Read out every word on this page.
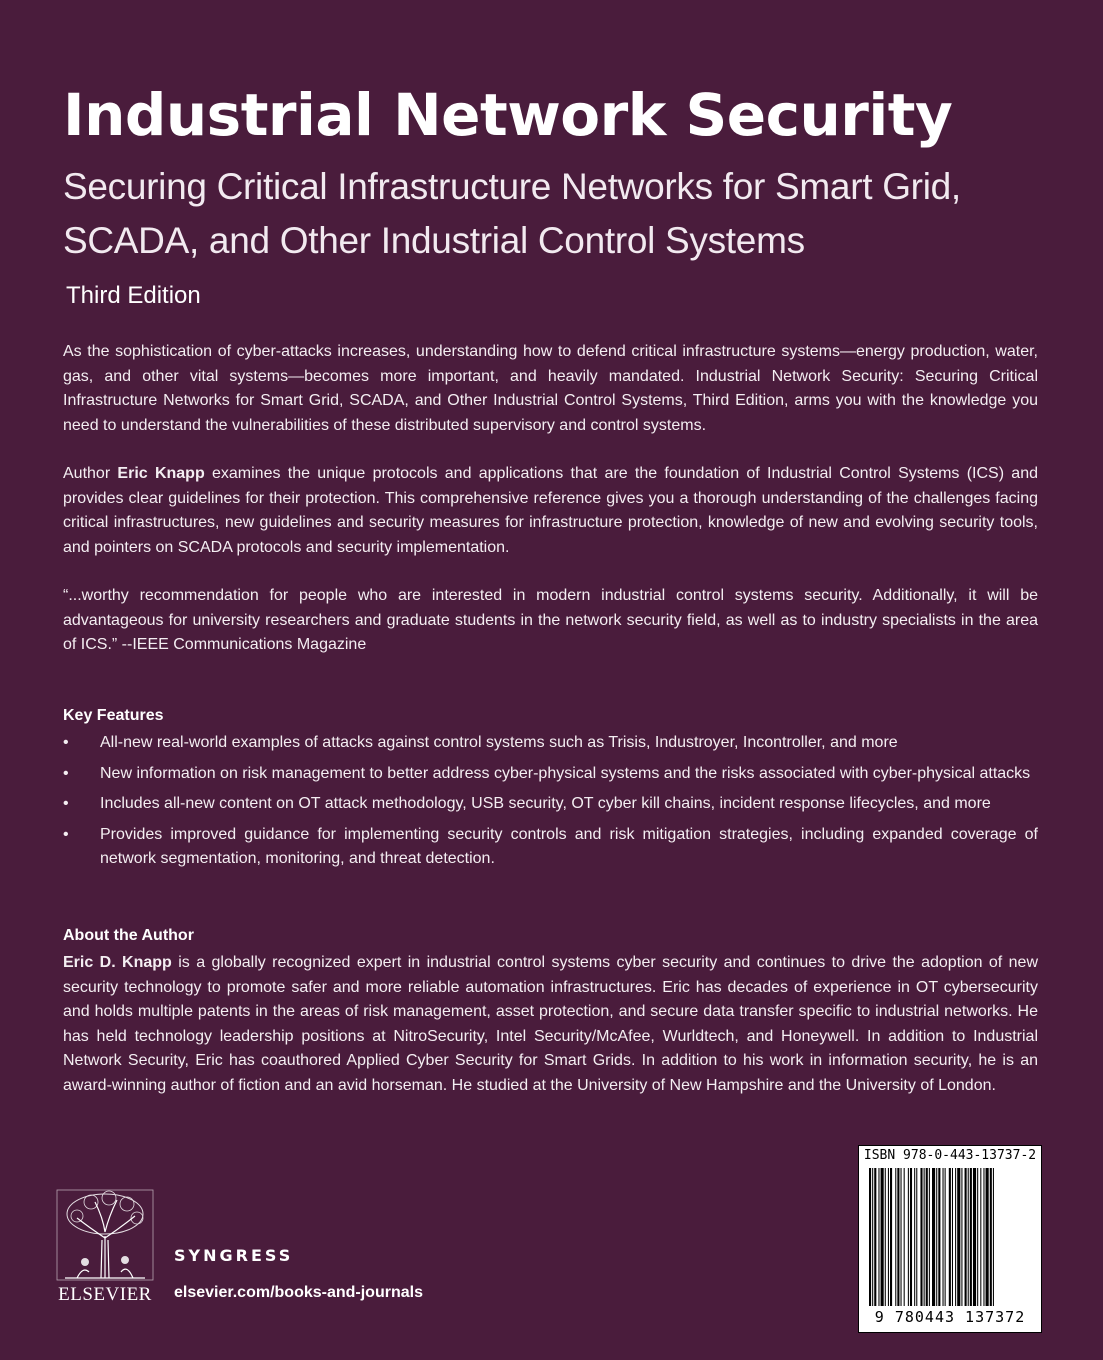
Industrial Network Security
Securing Critical Infrastructure Networks for Smart Grid, SCADA, and Other Industrial Control Systems
Third Edition
As the sophistication of cyber-attacks increases, understanding how to defend critical infrastructure systems—energy production, water, gas, and other vital systems—becomes more important, and heavily mandated. Industrial Network Security: Securing Critical Infrastructure Networks for Smart Grid, SCADA, and Other Industrial Control Systems, Third Edition, arms you with the knowledge you need to understand the vulnerabilities of these distributed supervisory and control systems.
Author Eric Knapp examines the unique protocols and applications that are the foundation of Industrial Control Systems (ICS) and provides clear guidelines for their protection. This comprehensive reference gives you a thorough understanding of the challenges facing critical infrastructures, new guidelines and security measures for infrastructure protection, knowledge of new and evolving security tools, and pointers on SCADA protocols and security implementation.
“...worthy recommendation for people who are interested in modern industrial control systems security. Additionally, it will be advantageous for university researchers and graduate students in the network security field, as well as to industry specialists in the area of ICS.” --IEEE Communications Magazine
Key Features
• All-new real-world examples of attacks against control systems such as Trisis, Industroyer, Incontroller, and more
• New information on risk management to better address cyber-physical systems and the risks associated with cyber-physical attacks
• Includes all-new content on OT attack methodology, USB security, OT cyber kill chains, incident response lifecycles, and more
• Provides improved guidance for implementing security controls and risk mitigation strategies, including expanded coverage of network segmentation, monitoring, and threat detection.
About the Author
Eric D. Knapp is a globally recognized expert in industrial control systems cyber security and continues to drive the adoption of new security technology to promote safer and more reliable automation infrastructures. Eric has decades of experience in OT cybersecurity and holds multiple patents in the areas of risk management, asset protection, and secure data transfer specific to industrial networks. He has held technology leadership positions at NitroSecurity, Intel Security/McAfee, Wurldtech, and Honeywell. In addition to Industrial Network Security, Eric has coauthored Applied Cyber Security for Smart Grids. In addition to his work in information security, he is an award-winning author of fiction and an avid horseman. He studied at the University of New Hampshire and the University of London.
ELSEVIER
SYNGRESS
elsevier.com/books-and-journals
ISBN 978-0-443-13737-2
9 780443 137372
